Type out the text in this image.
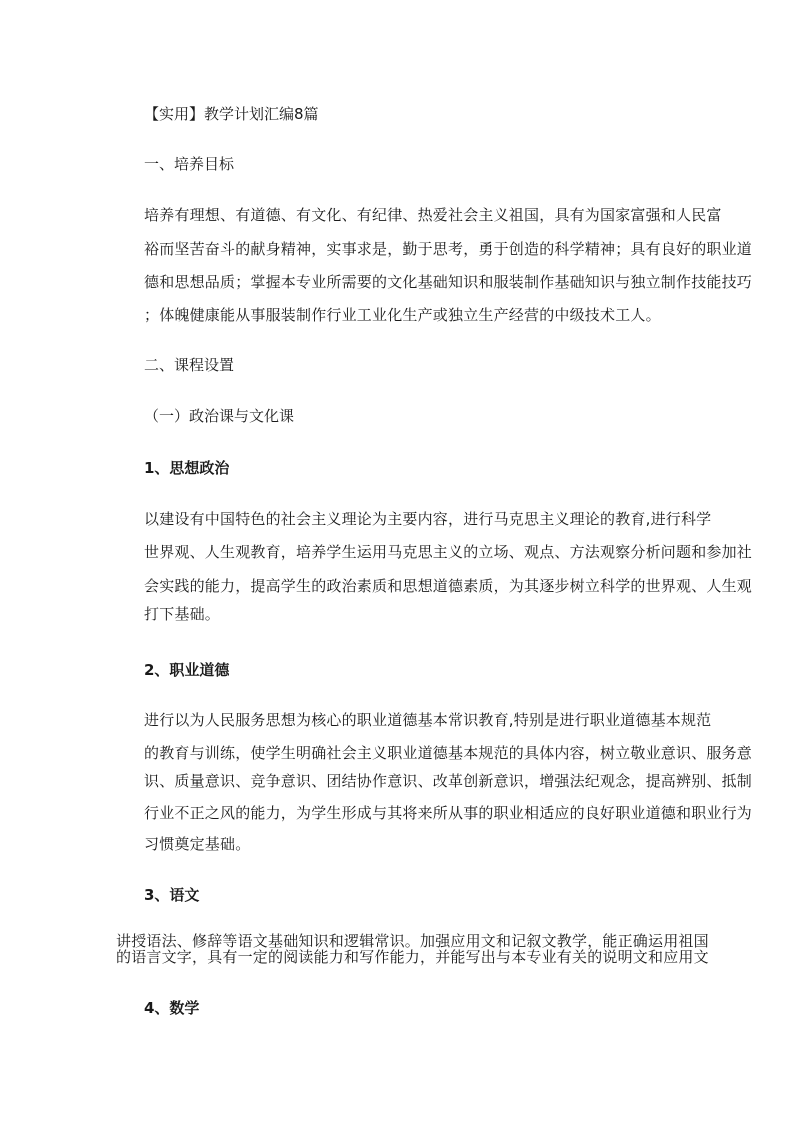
【实用】教学计划汇编8篇
一、培养目标
培养有理想、有道德、有文化、有纪律、热爱社会主义祖国，具有为国家富强和人民富
裕而坚苦奋斗的献身精神，实事求是，勤于思考，勇于创造的科学精神；具有良好的职业道
德和思想品质；掌握本专业所需要的文化基础知识和服装制作基础知识与独立制作技能技巧
；体魄健康能从事服装制作行业工业化生产或独立生产经营的中级技术工人。
二、课程设置
（一）政治课与文化课
1、思想政治
以建设有中国特色的社会主义理论为主要内容，进行马克思主义理论的教育,进行科学
世界观、人生观教育，培养学生运用马克思主义的立场、观点、方法观察分析问题和参加社
会实践的能力，提高学生的政治素质和思想道德素质，为其逐步树立科学的世界观、人生观
打下基础。
2、职业道德
进行以为人民服务思想为核心的职业道德基本常识教育,特别是进行职业道德基本规范
的教育与训练，使学生明确社会主义职业道德基本规范的具体内容，树立敬业意识、服务意
识、质量意识、竞争意识、团结协作意识、改革创新意识，增强法纪观念，提高辨别、抵制
行业不正之风的能力，为学生形成与其将来所从事的职业相适应的良好职业道德和职业行为
习惯奠定基础。
3、语文
讲授语法、修辞等语文基础知识和逻辑常识。加强应用文和记叙文教学，能正确运用祖国
的语言文字，具有一定的阅读能力和写作能力，并能写出与本专业有关的说明文和应用文
4、数学
